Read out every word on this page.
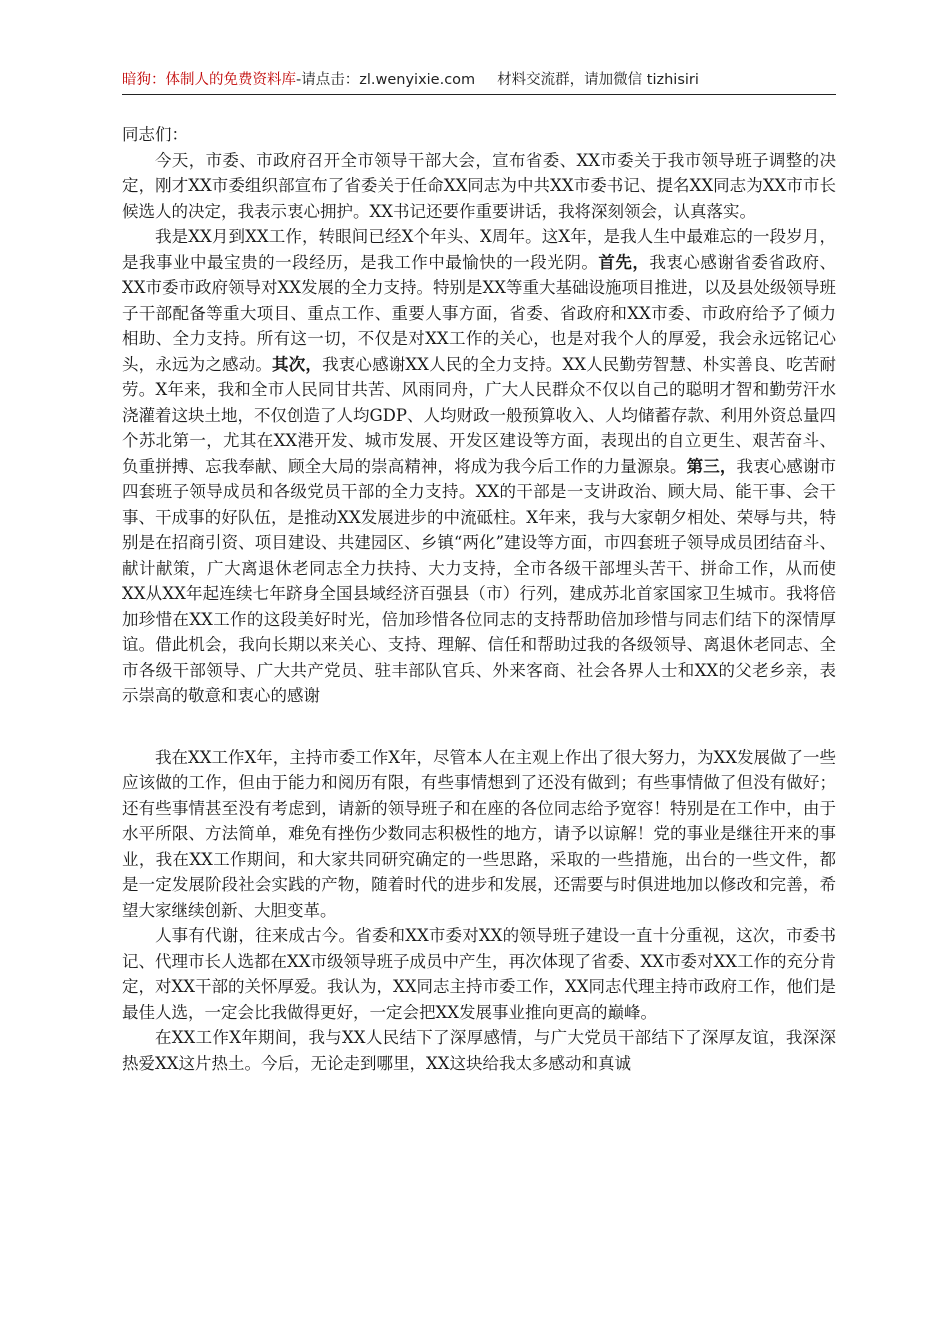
暗狗：体制人的免费资料库-请点击：zl.wenyixie.com 材料交流群，请加微信 tizhisiri

同志们：

今天，市委、市政府召开全市领导干部大会，宣布省委、XX市委关于我市领导班子调整的决定，刚才XX市委组织部宣布了省委关于任命XX同志为中共XX市委书记、提名XX同志为XX市市长候选人的决定，我表示衷心拥护。XX书记还要作重要讲话，我将深刻领会，认真落实。

我是XX月到XX工作，转眼间已经X个年头、X周年。这X年，是我人生中最难忘的一段岁月，是我事业中最宝贵的一段经历，是我工作中最愉快的一段光阴。首先，我衷心感谢省委省政府、XX市委市政府领导对XX发展的全力支持。特别是XX等重大基础设施项目推进，以及县处级领导班子干部配备等重大项目、重点工作、重要人事方面，省委、省政府和XX市委、市政府给予了倾力相助、全力支持。所有这一切，不仅是对XX工作的关心，也是对我个人的厚爱，我会永远铭记心头，永远为之感动。其次，我衷心感谢XX人民的全力支持。XX人民勤劳智慧、朴实善良、吃苦耐劳。X年来，我和全市人民同甘共苦、风雨同舟，广大人民群众不仅以自己的聪明才智和勤劳汗水浇灌着这块土地，不仅创造了人均GDP、人均财政一般预算收入、人均储蓄存款、利用外资总量四个苏北第一，尤其在XX港开发、城市发展、开发区建设等方面，表现出的自立更生、艰苦奋斗、负重拼搏、忘我奉献、顾全大局的崇高精神，将成为我今后工作的力量源泉。第三，我衷心感谢市四套班子领导成员和各级党员干部的全力支持。XX的干部是一支讲政治、顾大局、能干事、会干事、干成事的好队伍，是推动XX发展进步的中流砥柱。X年来，我与大家朝夕相处、荣辱与共，特别是在招商引资、项目建设、共建园区、乡镇“两化”建设等方面，市四套班子领导成员团结奋斗、献计献策，广大离退休老同志全力扶持、大力支持，全市各级干部埋头苦干、拼命工作，从而使XX从XX年起连续七年跻身全国县域经济百强县（市）行列，建成苏北首家国家卫生城市。我将倍加珍惜在XX工作的这段美好时光，倍加珍惜各位同志的支持帮助倍加珍惜与同志们结下的深情厚谊。借此机会，我向长期以来关心、支持、理解、信任和帮助过我的各级领导、离退休老同志、全市各级干部领导、广大共产党员、驻丰部队官兵、外来客商、社会各界人士和XX的父老乡亲，表示崇高的敬意和衷心的感谢

我在XX工作X年，主持市委工作X年，尽管本人在主观上作出了很大努力，为XX发展做了一些应该做的工作，但由于能力和阅历有限，有些事情想到了还没有做到；有些事情做了但没有做好；还有些事情甚至没有考虑到，请新的领导班子和在座的各位同志给予宽容！特别是在工作中，由于水平所限、方法简单，难免有挫伤少数同志积极性的地方，请予以谅解！党的事业是继往开来的事业，我在XX工作期间，和大家共同研究确定的一些思路，采取的一些措施，出台的一些文件，都是一定发展阶段社会实践的产物，随着时代的进步和发展，还需要与时俱进地加以修改和完善，希望大家继续创新、大胆变革。

人事有代谢，往来成古今。省委和XX市委对XX的领导班子建设一直十分重视，这次，市委书记、代理市长人选都在XX市级领导班子成员中产生，再次体现了省委、XX市委对XX工作的充分肯定，对XX干部的关怀厚爱。我认为，XX同志主持市委工作，XX同志代理主持市政府工作，他们是最佳人选，一定会比我做得更好，一定会把XX发展事业推向更高的巅峰。

在XX工作X年期间，我与XX人民结下了深厚感情，与广大党员干部结下了深厚友谊，我深深热爱XX这片热土。今后，无论走到哪里，XX这块给我太多感动和真诚
